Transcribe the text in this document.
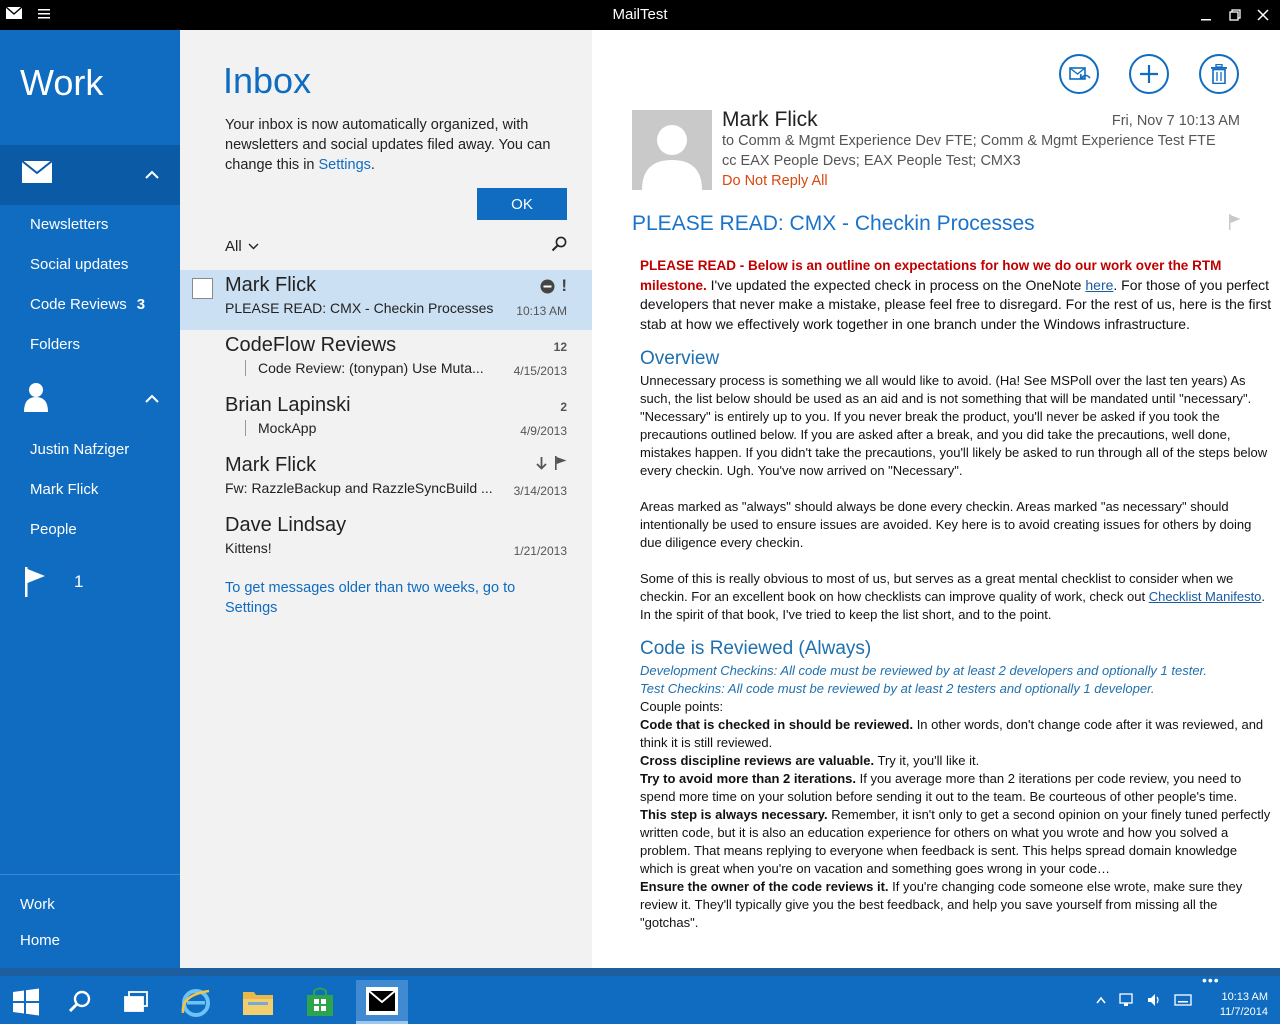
MailTest
Work
Newsletters
Social updates
Code Reviews 3
Folders
Justin Nafziger
Mark Flick
People
1
Work
Home
Inbox
Your inbox is now automatically organized, with newsletters and social updates filed away. You can change this in Settings.
OK
All
Mark Flick
PLEASE READ: CMX - Checkin Processes
!
10:13 AM
CodeFlow Reviews
Code Review: (tonypan) Use Muta...
12
4/15/2013
Brian Lapinski
MockApp
2
4/9/2013
Mark Flick
Fw: RazzleBackup and RazzleSyncBuild ... 3/14/2013
Dave Lindsay
Kittens!	1/21/2013
To get messages older than two weeks, go to Settings
Mark Flick	Fri, Nov 7 10:13 AM
to Comm & Mgmt Experience Dev FTE; Comm & Mgmt Experience Test FTE
cc EAX People Devs; EAX People Test; CMX3
Do Not Reply All
PLEASE READ: CMX - Checkin Processes

PLEASE READ - Below is an outline on expectations for how we do our work over the RTM milestone. I've updated the expected check in process on the OneNote here. For those of you perfect developers that never make a mistake, please feel free to disregard. For the rest of us, here is the first stab at how we effectively work together in one branch under the Windows infrastructure.

Overview

Unnecessary process is something we all would like to avoid. (Ha! See MSPoll over the last ten years) As such, the list below should be used as an aid and is not something that will be mandated until "necessary". "Necessary" is entirely up to you. If you never break the product, you'll never be asked if you took the precautions outlined below. If you are asked after a break, and you did take the precautions, well done, mistakes happen. If you didn't take the precautions, you'll likely be asked to run through all of the steps below every checkin. Ugh. You've now arrived on "Necessary".

Areas marked as "always" should always be done every checkin. Areas marked "as necessary" should intentionally be used to ensure issues are avoided. Key here is to avoid creating issues for others by doing due diligence every checkin.

Some of this is really obvious to most of us, but serves as a great mental checklist to consider when we checkin. For an excellent book on how checklists can improve quality of work, check out Checklist Manifesto. In the spirit of that book, I've tried to keep the list short, and to the point.

Code is Reviewed (Always)

Development Checkins: All code must be reviewed by at least 2 developers and optionally 1 tester.

Test Checkins: All code must be reviewed by at least 2 testers and optionally 1 developer.

Couple points:

Code that is checked in should be reviewed. In other words, don't change code after it was reviewed, and think it is still reviewed.

Cross discipline reviews are valuable. Try it, you'll like it.

Try to avoid more than 2 iterations. If you average more than 2 iterations per code review, you need to spend more time on your solution before sending it out to the team. Be courteous of other people's time.

This step is always necessary. Remember, it isn't only to get a second opinion on your finely tuned perfectly written code, but it is also an education experience for others on what you wrote and how you solved a problem. That means replying to everyone when feedback is sent. This helps spread domain knowledge which is great when you're on vacation and something goes wrong in your code…

Ensure the owner of the code reviews it. If you're changing code someone else wrote, make sure they review it. They'll typically give you the best feedback, and help you save yourself from missing all the "gotchas".

•••
10:13 AM
11/7/2014
